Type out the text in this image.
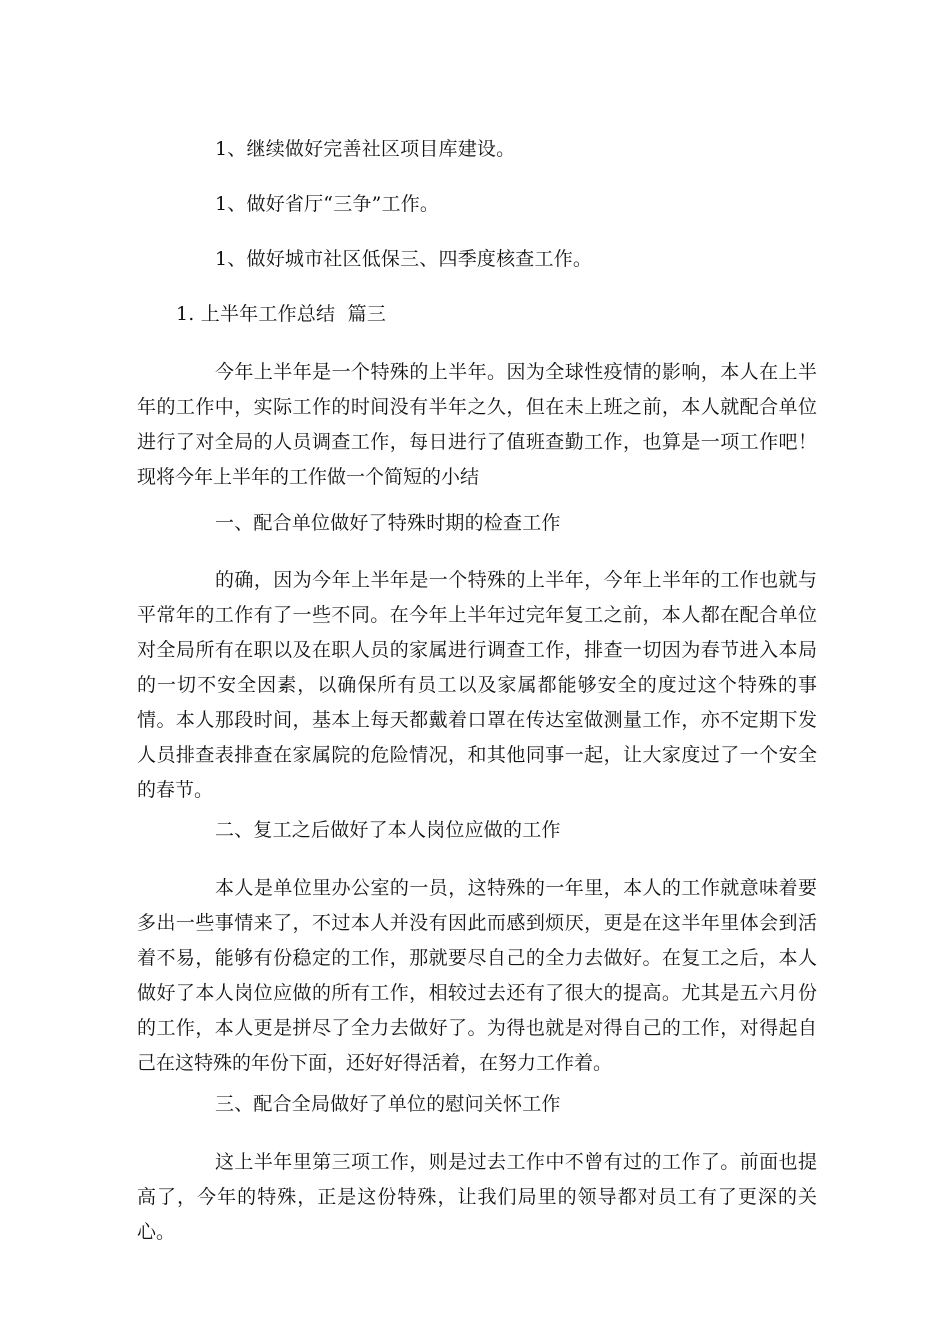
1、继续做好完善社区项目库建设。
1、做好省厅“三争”工作。
1、做好城市社区低保三、四季度核查工作。
1. 上半年工作总结  篇三

今年上半年是一个特殊的上半年。因为全球性疫情的影响，本人在上半年的工作中，实际工作的时间没有半年之久，但在未上班之前，本人就配合单位进行了对全局的人员调查工作，每日进行了值班查勤工作，也算是一项工作吧！现将今年上半年的工作做一个简短的小结

一、配合单位做好了特殊时期的检查工作

的确，因为今年上半年是一个特殊的上半年，今年上半年的工作也就与平常年的工作有了一些不同。在今年上半年过完年复工之前，本人都在配合单位对全局所有在职以及在职人员的家属进行调查工作，排查一切因为春节进入本局的一切不安全因素，以确保所有员工以及家属都能够安全的度过这个特殊的事情。本人那段时间，基本上每天都戴着口罩在传达室做测量工作，亦不定期下发人员排查表排查在家属院的危险情况，和其他同事一起，让大家度过了一个安全的春节。

二、复工之后做好了本人岗位应做的工作

本人是单位里办公室的一员，这特殊的一年里，本人的工作就意味着要多出一些事情来了，不过本人并没有因此而感到烦厌，更是在这半年里体会到活着不易，能够有份稳定的工作，那就要尽自己的全力去做好。在复工之后，本人做好了本人岗位应做的所有工作，相较过去还有了很大的提高。尤其是五六月份的工作，本人更是拼尽了全力去做好了。为得也就是对得自己的工作，对得起自己在这特殊的年份下面，还好好得活着，在努力工作着。

三、配合全局做好了单位的慰问关怀工作

这上半年里第三项工作，则是过去工作中不曾有过的工作了。前面也提高了，今年的特殊，正是这份特殊，让我们局里的领导都对员工有了更深的关心。
